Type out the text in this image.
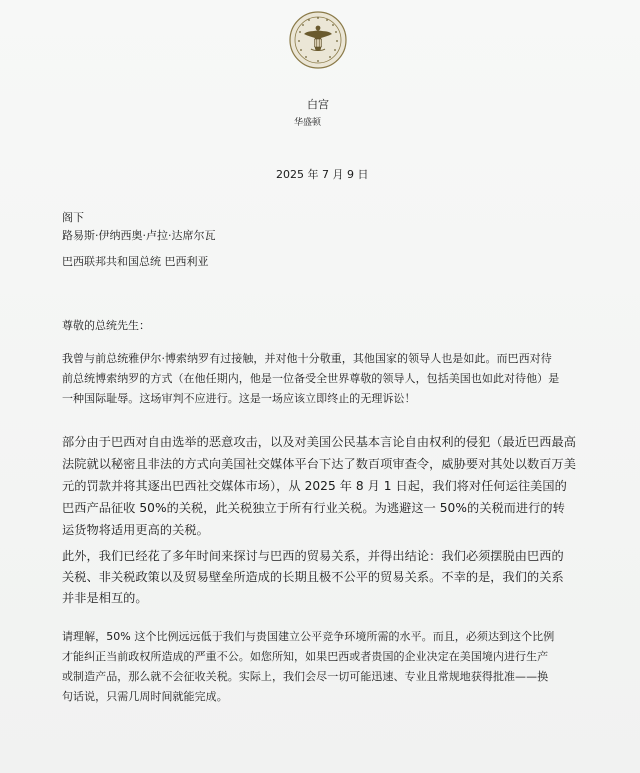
白宫
华盛顿
2025 年 7 月 9 日
阁下
路易斯·伊纳西奥·卢拉·达席尔瓦
巴西联邦共和国总统 巴西利亚
尊敬的总统先生：

我曾与前总统雅伊尔·博索纳罗有过接触，并对他十分敬重，其他国家的领导人也是如此。而巴西对待前总统博索纳罗的方式（在他任期内，他是一位备受全世界尊敬的领导人，包括美国也如此对待他）是一种国际耻辱。这场审判不应进行。这是一场应该立即终止的无理诉讼！

部分由于巴西对自由选举的恶意攻击，以及对美国公民基本言论自由权利的侵犯（最近巴西最高法院就以秘密且非法的方式向美国社交媒体平台下达了数百项审查令，威胁要对其处以数百万美元的罚款并将其逐出巴西社交媒体市场），从 2025 年 8 月 1 日起，我们将对任何运往美国的巴西产品征收 50%的关税，此关税独立于所有行业关税。为逃避这一 50%的关税而进行的转运货物将适用更高的关税。

此外，我们已经花了多年时间来探讨与巴西的贸易关系，并得出结论：我们必须摆脱由巴西的关税、非关税政策以及贸易壁垒所造成的长期且极不公平的贸易关系。不幸的是，我们的关系并非是相互的。

请理解，50% 这个比例远远低于我们与贵国建立公平竞争环境所需的水平。而且，必须达到这个比例才能纠正当前政权所造成的严重不公。如您所知，如果巴西或者贵国的企业决定在美国境内进行生产或制造产品，那么就不会征收关税。实际上，我们会尽一切可能迅速、专业且常规地获得批准——换句话说，只需几周时间就能完成。
